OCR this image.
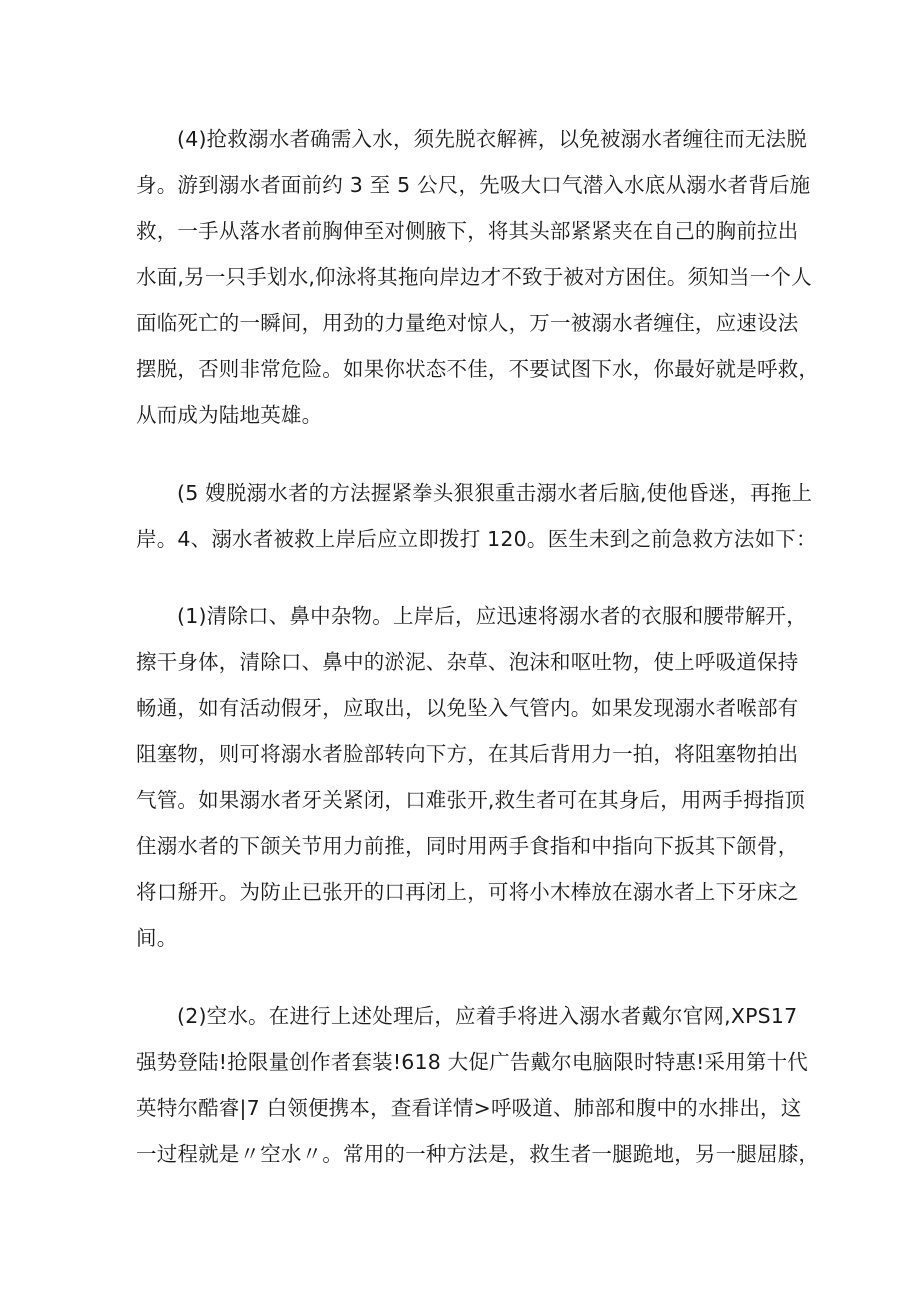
(4)抢救溺水者确需入水，须先脱衣解裤，以免被溺水者缠往而无法脱
身。游到溺水者面前约 3 至 5 公尺，先吸大口气潜入水底从溺水者背后施
救，一手从落水者前胸伸至对侧腋下，将其头部紧紧夹在自己的胸前拉出
水面,另一只手划水,仰泳将其拖向岸边才不致于被对方困住。须知当一个人
面临死亡的一瞬间，用劲的力量绝对惊人，万一被溺水者缠住，应速设法
摆脱，否则非常危险。如果你状态不佳，不要试图下水，你最好就是呼救，
从而成为陆地英雄。
(5 嫂脱溺水者的方法握紧拳头狠狠重击溺水者后脑,使他昏迷，再拖上
岸。4、溺水者被救上岸后应立即拨打 120。医生未到之前急救方法如下：
(1)清除口、鼻中杂物。上岸后，应迅速将溺水者的衣服和腰带解开，
擦干身体，清除口、鼻中的淤泥、杂草、泡沫和呕吐物，使上呼吸道保持
畅通，如有活动假牙，应取出，以免坠入气管内。如果发现溺水者喉部有
阻塞物，则可将溺水者脸部转向下方，在其后背用力一拍，将阻塞物拍出
气管。如果溺水者牙关紧闭，口难张开,救生者可在其身后，用两手拇指顶
住溺水者的下颌关节用力前推，同时用两手食指和中指向下扳其下颌骨，
将口掰开。为防止已张开的口再闭上，可将小木棒放在溺水者上下牙床之
间。
(2)空水。在进行上述处理后，应着手将进入溺水者戴尔官网,XPS17
强势登陆!抢限量创作者套装!618 大促广告戴尔电脑限时特惠!采用第十代
英特尔酷睿|7 白领便携本，查看详情>呼吸道、肺部和腹中的水排出，这
一过程就是〃空水〃。常用的一种方法是，救生者一腿跪地，另一腿屈膝，
